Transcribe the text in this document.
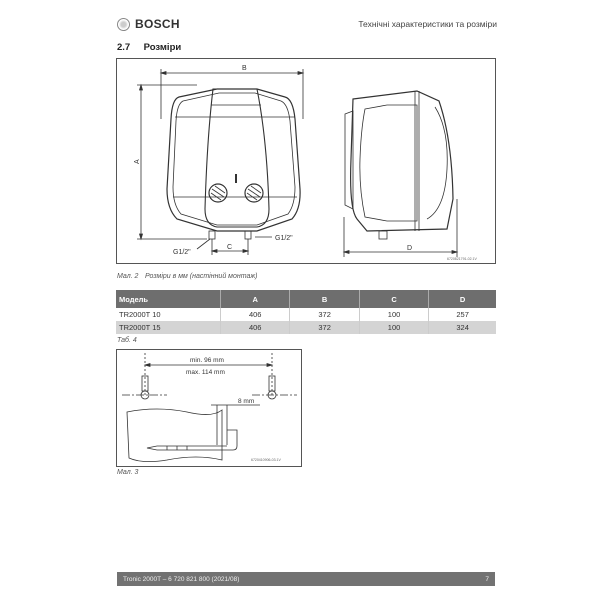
BOSCH	Технічні характеристики та розміри
2.7 Розміри
B
A
C	D
G1/2"
G1/2"
6720821791-02.1V
Мал. 2 Розміри в мм (настінний монтаж)
Модель	A	B	C	D
TR2000T 10	406	372	100	257
TR2000T 15	406	372	100	324
Таб. 4
min. 96 mm
max. 114 mm
8 mm
6720410906-03.1V
Мал. 3
Tronic 2000T – 6 720 821 800 (2021/08)	7
